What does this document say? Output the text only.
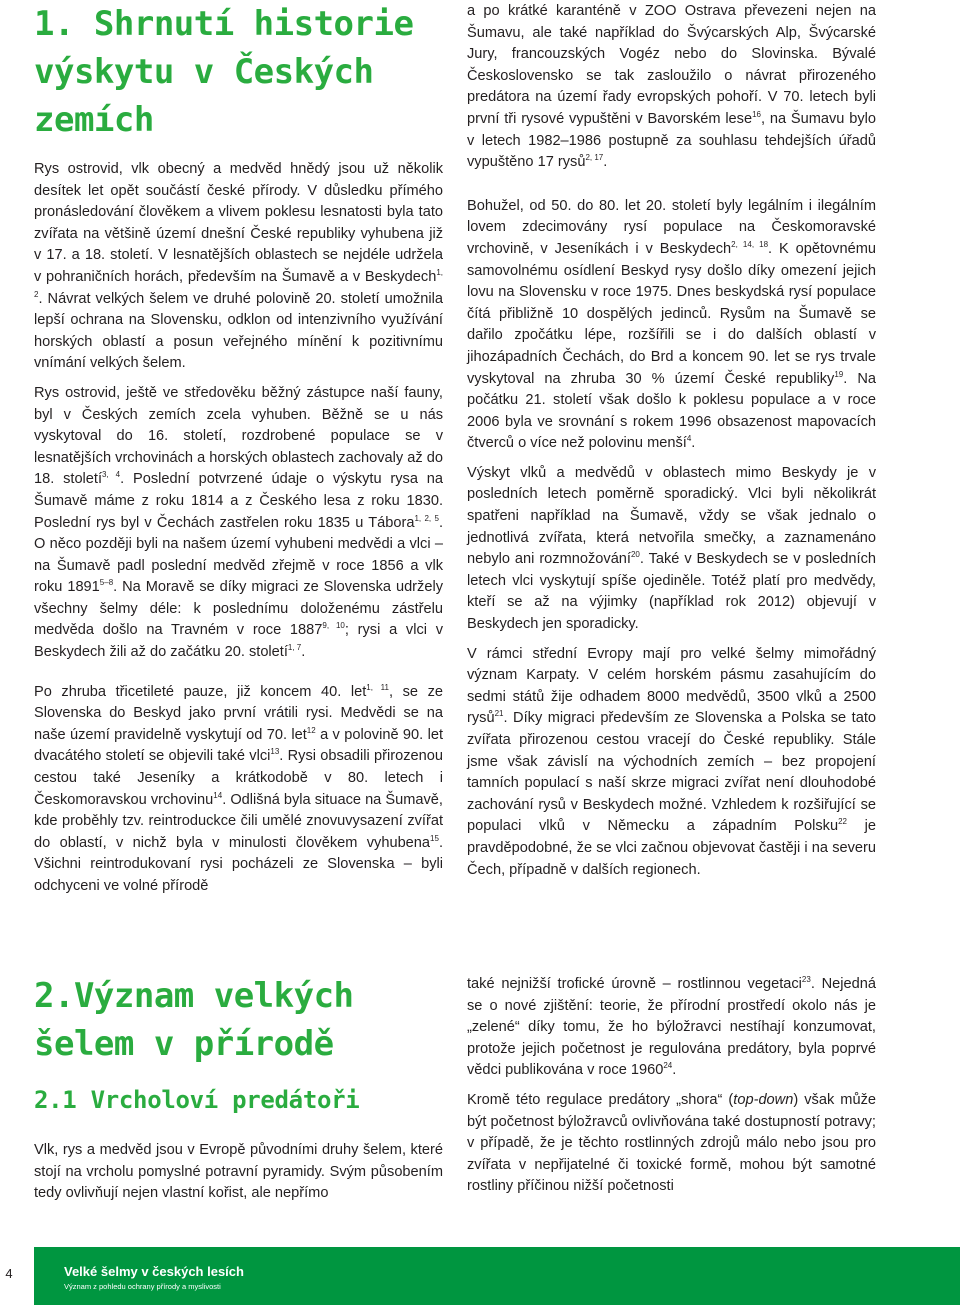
1. Shrnutí historie výskytu v Českých zemích

Rys ostrovid, vlk obecný a medvěd hnědý jsou už několik desítek let opět součástí české přírody. V důsledku přímého pronásledování člověkem a vlivem poklesu lesnatosti byla tato zvířata na většině území dnešní České republiky vyhubena již v 17. a 18. století. V lesnatějších oblastech se nejdéle udržela v pohraničních horách, především na Šumavě a v Beskydech$^{1, 2}$. Návrat velkých šelem ve druhé polovině 20. století umožnila lepší ochrana na Slovensku, odklon od intenzivního využívání horských oblastí a posun veřejného mínění k pozitivnímu vnímání velkých šelem.

Rys ostrovid, ještě ve středověku běžný zástupce naší fauny, byl v Českých zemích zcela vyhuben. Běžně se u nás vyskytoval do 16. století, rozdrobené populace se v lesnatějších vrchovinách a horských oblastech zachovaly až do 18. století$^{3, 4}$. Poslední potvrzené údaje o výskytu rysa na Šumavě máme z roku 1814 a z Českého lesa z roku 1830. Poslední rys byl v Čechách zastřelen roku 1835 u Tábora$^{1, 2, 5}$. O něco později byli na našem území vyhubeni medvědi a vlci – na Šumavě padl poslední medvěd zřejmě v roce 1856 a vlk roku 1891$^{5-8}$. Na Moravě se díky migraci ze Slovenska udržely všechny šelmy déle: k poslednímu doloženému zástřelu medvěda došlo na Travném v roce 1887$^{9, 10}$; rysi a vlci v Beskydech žili až do začátku 20. století$^{1, 7}$.

Po zhruba třicetileté pauze, již koncem 40. let$^{1, 11}$, se ze Slovenska do Beskyd jako první vrátili rysi. Medvědi se na naše území pravidelně vyskytují od 70. let$^{12}$ a v polovině 90. let dvacátého století se objevili také vlci$^{13}$. Rysi obsadili přirozenou cestou také Jeseníky a krátkodobě v 80. letech i Českomoravskou vrchovinu$^{14}$. Odlišná byla situace na Šumavě, kde proběhly tzv. reintroduckce čili umělé znovuvysazení zvířat do oblastí, v nichž byla v minulosti člověkem vyhubena$^{15}$. Všichni reintrodukovaní rysi pocházeli ze Slovenska – byli odchyceni ve volné přírodě

a po krátké karanténě v ZOO Ostrava převezeni nejen na Šumavu, ale také například do Švýcarských Alp, Švýcarské Jury, francouzských Vogéz nebo do Slovinska. Bývalé Československo se tak zasloužilo o návrat přirozeného predátora na území řady evropských pohoří. V 70. letech byli první tři rysové vypuštěni v Bavorském lese$^{16}$, na Šumavu bylo v letech 1982–1986 postupně za souhlasu tehdejších úřadů vypuštěno 17 rysů$^{2, 17}$.

Bohužel, od 50. do 80. let 20. století byly legálním i ilegálním lovem zdecimovány rysí populace na Českomoravské vrchovině, v Jeseníkách i v Beskydech$^{2, 14, 18}$. K opětovnému samovolnému osídlení Beskyd rysy došlo díky omezení jejich lovu na Slovensku v roce 1975. Dnes beskydská rysí populace čítá přibližně 10 dospělých jedinců. Rysům na Šumavě se dařilo zpočátku lépe, rozšířili se i do dalších oblastí v jihozápadních Čechách, do Brd a koncem 90. let se rys trvale vyskytoval na zhruba 30 % území České republiky$^{19}$. Na počátku 21. století však došlo k poklesu populace a v roce 2006 byla ve srovnání s rokem 1996 obsazenost mapovacích čtverců o více než polovinu menší$^4$.

Výskyt vlků a medvědů v oblastech mimo Beskydy je v posledních letech poměrně sporadický. Vlci byli několikrát spatřeni například na Šumavě, vždy se však jednalo o jednotlivá zvířata, která netvořila smečky, a zaznamenáno nebylo ani rozmnožování$^{20}$. Také v Beskydech se v posledních letech vlci vyskytují spíše ojediněle. Totéž platí pro medvědy, kteří se až na výjimky (například rok 2012) objevují v Beskydech jen sporadicky.

V rámci střední Evropy mají pro velké šelmy mimořádný význam Karpaty. V celém horském pásmu zasahujícím do sedmi států žije odhadem 8000 medvědů, 3500 vlků a 2500 rysů$^{21}$. Díky migraci především ze Slovenska a Polska se tato zvířata přirozenou cestou vracejí do České republiky. Stále jsme však závislí na východních zemích – bez propojení tamních populací s naší skrze migraci zvířat není dlouhodobé zachování rysů v Beskydech možné. Vzhledem k rozšiřující se populaci vlků v Německu a západním Polsku$^{22}$ je pravděpodobné, že se vlci začnou objevovat častěji i na severu Čech, případně v dalších regionech.

2.Význam velkých šelem v přírodě
2.1 Vrcholoví predátoři

Vlk, rys a medvěd jsou v Evropě původními druhy šelem, které stojí na vrcholu pomyslné potravní pyramidy. Svým působením tedy ovlivňují nejen vlastní kořist, ale nepřímo

také nejnižší trofické úrovně – rostlinnou vegetaci$^{23}$. Nejedná se o nové zjištění: teorie, že přírodní prostředí okolo nás je „zelené“ díky tomu, že ho býložravci nestíhají konzumovat, protože jejich početnost je regulována predátory, byla poprvé vědci publikována v roce 1960$^{24}$.

Kromě této regulace predátory „shora“ (top-down) však může být početnost býložravců ovlivňována také dostupností potravy; v případě, že je těchto rostlinných zdrojů málo nebo jsou pro zvířata v nepřijatelné či toxické formě, mohou být samotné rostliny příčinou nižší početnosti

4	Velké šelmy v českých lesích
Význam z pohledu ochrany přírody a myslivosti
